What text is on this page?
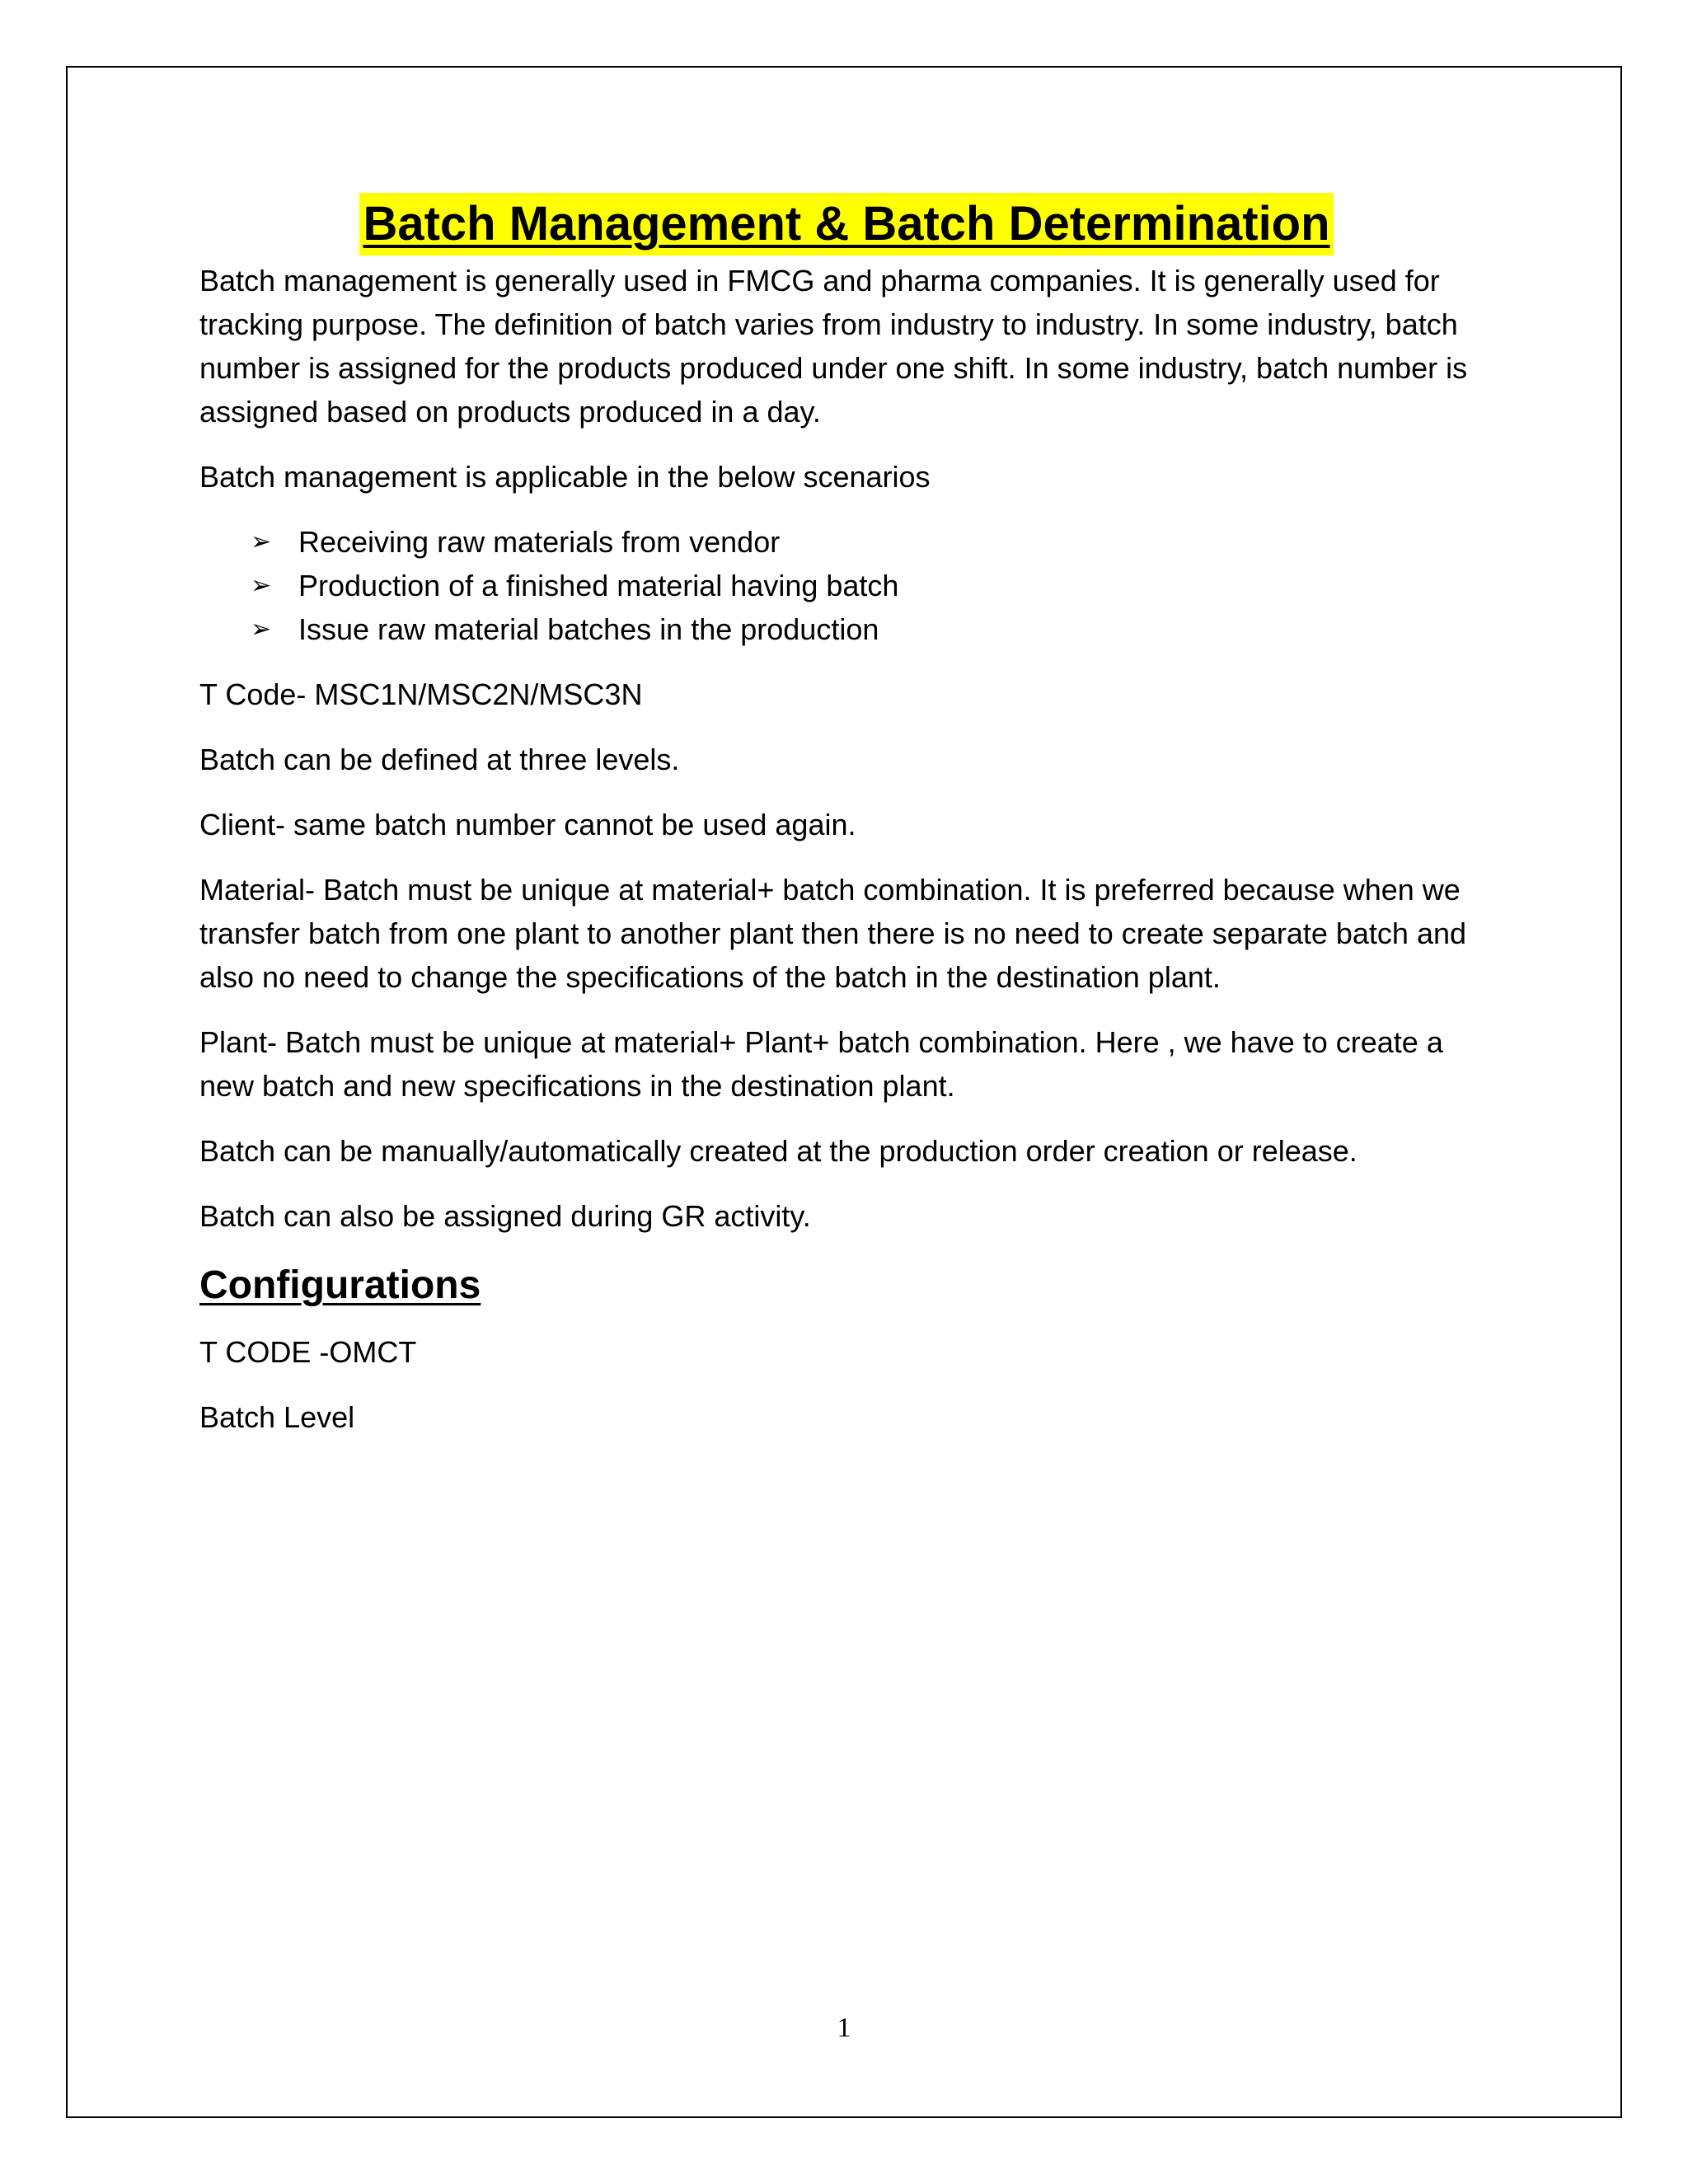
Batch Management & Batch Determination

Batch management is generally used in FMCG and pharma companies. It is generally used for tracking purpose. The definition of batch varies from industry to industry. In some industry, batch number is assigned for the products produced under one shift. In some industry, batch number is assigned based on products produced in a day.

Batch management is applicable in the below scenarios

➢ Receiving raw materials from vendor
➢ Production of a finished material having batch
➢ Issue raw material batches in the production

T Code- MSC1N/MSC2N/MSC3N

Batch can be defined at three levels.

Client- same batch number cannot be used again.

Material- Batch must be unique at material+ batch combination. It is preferred because when we transfer batch from one plant to another plant then there is no need to create separate batch and also no need to change the specifications of the batch in the destination plant.

Plant- Batch must be unique at material+ Plant+ batch combination. Here , we have to create a new batch and new specifications in the destination plant.

Batch can be manually/automatically created at the production order creation or release.

Batch can also be assigned during GR activity.

Configurations

T CODE -OMCT

Batch Level

1
